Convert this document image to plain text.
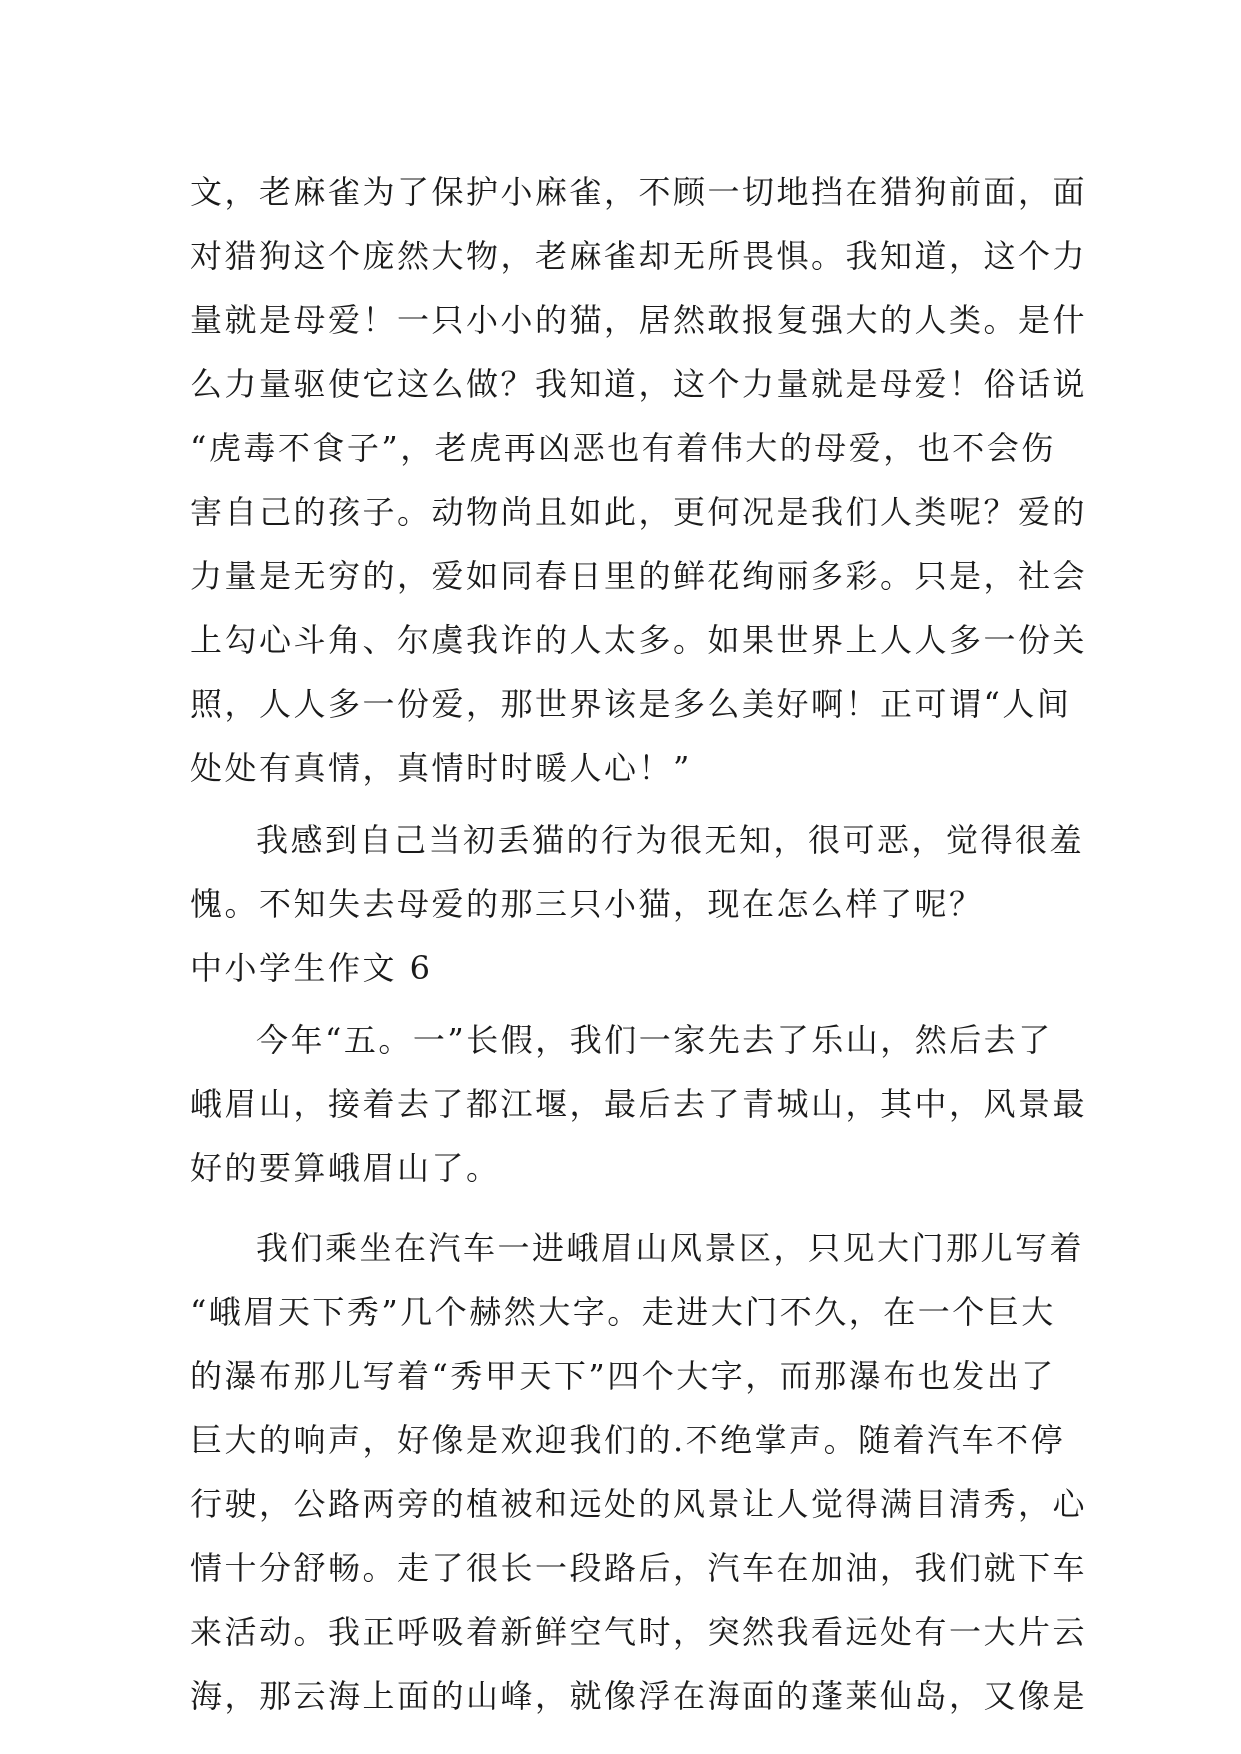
文，老麻雀为了保护小麻雀，不顾一切地挡在猎狗前面，面
对猎狗这个庞然大物，老麻雀却无所畏惧。我知道，这个力
量就是母爱！一只小小的猫，居然敢报复强大的人类。是什
么力量驱使它这么做？我知道，这个力量就是母爱！俗话说
“虎毒不食子”，老虎再凶恶也有着伟大的母爱，也不会伤
害自己的孩子。动物尚且如此，更何况是我们人类呢？爱的
力量是无穷的，爱如同春日里的鲜花绚丽多彩。只是，社会
上勾心斗角、尔虞我诈的人太多。如果世界上人人多一份关
照，人人多一份爱，那世界该是多么美好啊！正可谓“人间
处处有真情，真情时时暖人心！”
我感到自己当初丢猫的行为很无知，很可恶，觉得很羞
愧。不知失去母爱的那三只小猫，现在怎么样了呢？
中小学生作文 6
今年“五。一”长假，我们一家先去了乐山，然后去了
峨眉山，接着去了都江堰，最后去了青城山，其中，风景最
好的要算峨眉山了。
我们乘坐在汽车一进峨眉山风景区，只见大门那儿写着
“峨眉天下秀”几个赫然大字。走进大门不久，在一个巨大
的瀑布那儿写着“秀甲天下”四个大字，而那瀑布也发出了
巨大的响声，好像是欢迎我们的.不绝掌声。随着汽车不停
行驶，公路两旁的植被和远处的风景让人觉得满目清秀，心
情十分舒畅。走了很长一段路后，汽车在加油，我们就下车
来活动。我正呼吸着新鲜空气时，突然我看远处有一大片云
海，那云海上面的山峰，就像浮在海面的蓬莱仙岛，又像是
